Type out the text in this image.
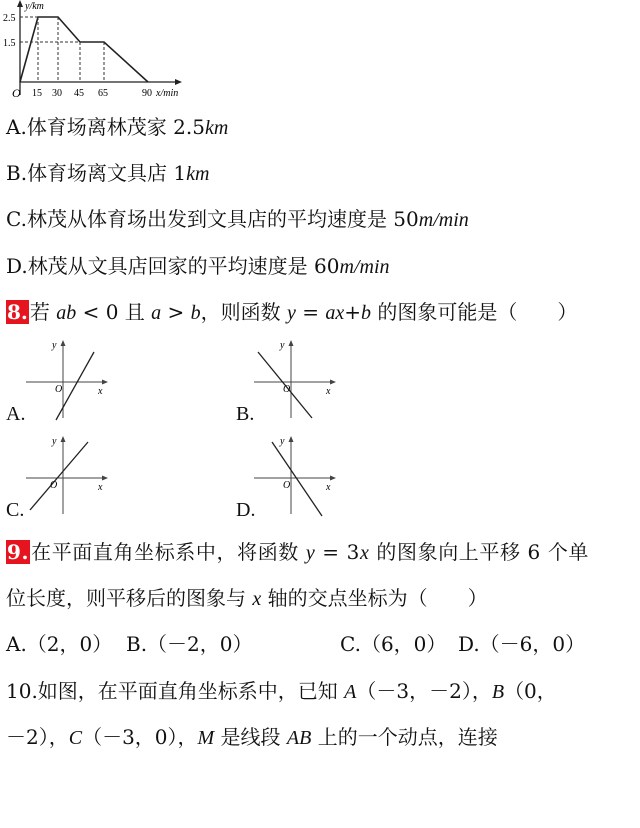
y/km
2.5
1.5
O 15 30 45 65	90 x/min
A.体育场离林茂家 2.5km
B.体育场离文具店 1km
C.林茂从体育场出发到文具店的平均速度是 50m/min
D.林茂从文具店回家的平均速度是 60m/min
8. 若 ab < 0 且 a > b，则函数 y = ax+b 的图象可能是（　　）
y
x
O
A.
y
x
O
B.
y
x
O
C.
y
x
O
D.
9. 在平面直角坐标系中，将函数 y = 3x 的图象向上平移 6 个单
位长度，则平移后的图象与 x 轴的交点坐标为（　　）
A.（2，0） B.（－2，0）	C.（6，0） D.（－6，0）
10.如图，在平面直角坐标系中，已知 A（－3，－2），B（0，
－2），C（－3，0），M 是线段 AB 上的一个动点，连接
